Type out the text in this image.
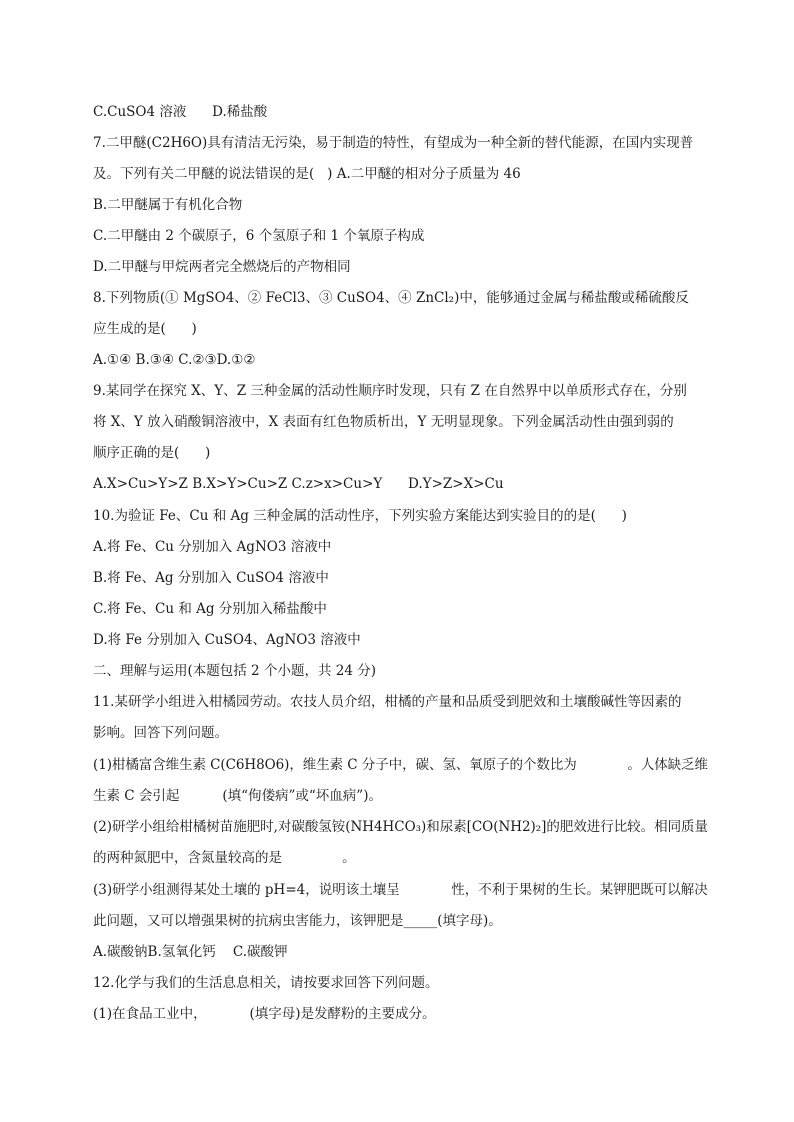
C.CuSO4 溶液      D.稀盐酸
7.二甲醚(C2H6O)具有清洁无污染，易于制造的特性，有望成为一种全新的替代能源，在国内实现普
及。下列有关二甲醚的说法错误的是(   ) A.二甲醚的相对分子质量为 46
B.二甲醚属于有机化合物
C.二甲醚由 2 个碳原子，6 个氢原子和 1 个氧原子构成
D.二甲醚与甲烷两者完全燃烧后的产物相同
8.下列物质(① MgSO4、② FeCl3、③ CuSO4、④ ZnCl₂)中，能够通过金属与稀盐酸或稀硫酸反
应生成的是(      )
A.①④ B.③④ C.②③D.①②
9.某同学在探究 X、Y、Z 三种金属的活动性顺序时发现，只有 Z 在自然界中以单质形式存在，分别
将 X、Y 放入硝酸铜溶液中，X 表面有红色物质析出，Y 无明显现象。下列金属活动性由强到弱的
顺序正确的是(      )
A.X>Cu>Y>Z B.X>Y>Cu>Z C.z>x>Cu>Y      D.Y>Z>X>Cu
10.为验证 Fe、Cu 和 Ag 三种金属的活动性序，下列实验方案能达到实验目的的是(      )
A.将 Fe、Cu 分别加入 AgNO3 溶液中
B.将 Fe、Ag 分别加入 CuSO4 溶液中
C.将 Fe、Cu 和 Ag 分别加入稀盐酸中
D.将 Fe 分别加入 CuSO4、AgNO3 溶液中
二、理解与运用(本题包括 2 个小题，共 24 分)
11.某研学小组进入柑橘园劳动。农技人员介绍，柑橘的产量和品质受到肥效和土壤酸碱性等因素的
影响。回答下列问题。
(1)柑橘富含维生素 C(C6H8O6)，维生素 C 分子中，碳、氢、氧原子的个数比为            。人体缺乏维
生素 C 会引起          (填“佝偻病”或“坏血病”)。
(2)研学小组给柑橘树苗施肥时,对碳酸氢铵(NH4HCO₃)和尿素[CO(NH2)₂]的肥效进行比较。相同质量
的两种氮肥中，含氮量较高的是              。
(3)研学小组测得某处土壤的 pH=4，说明该土壤呈            性，不利于果树的生长。某钾肥既可以解决
此问题，又可以增强果树的抗病虫害能力，该钾肥是_____(填字母)。
A.碳酸钠B.氢氧化钙    C.碳酸钾
12.化学与我们的生活息息相关，请按要求回答下列问题。
(1)在食品工业中，          (填字母)是发酵粉的主要成分。
